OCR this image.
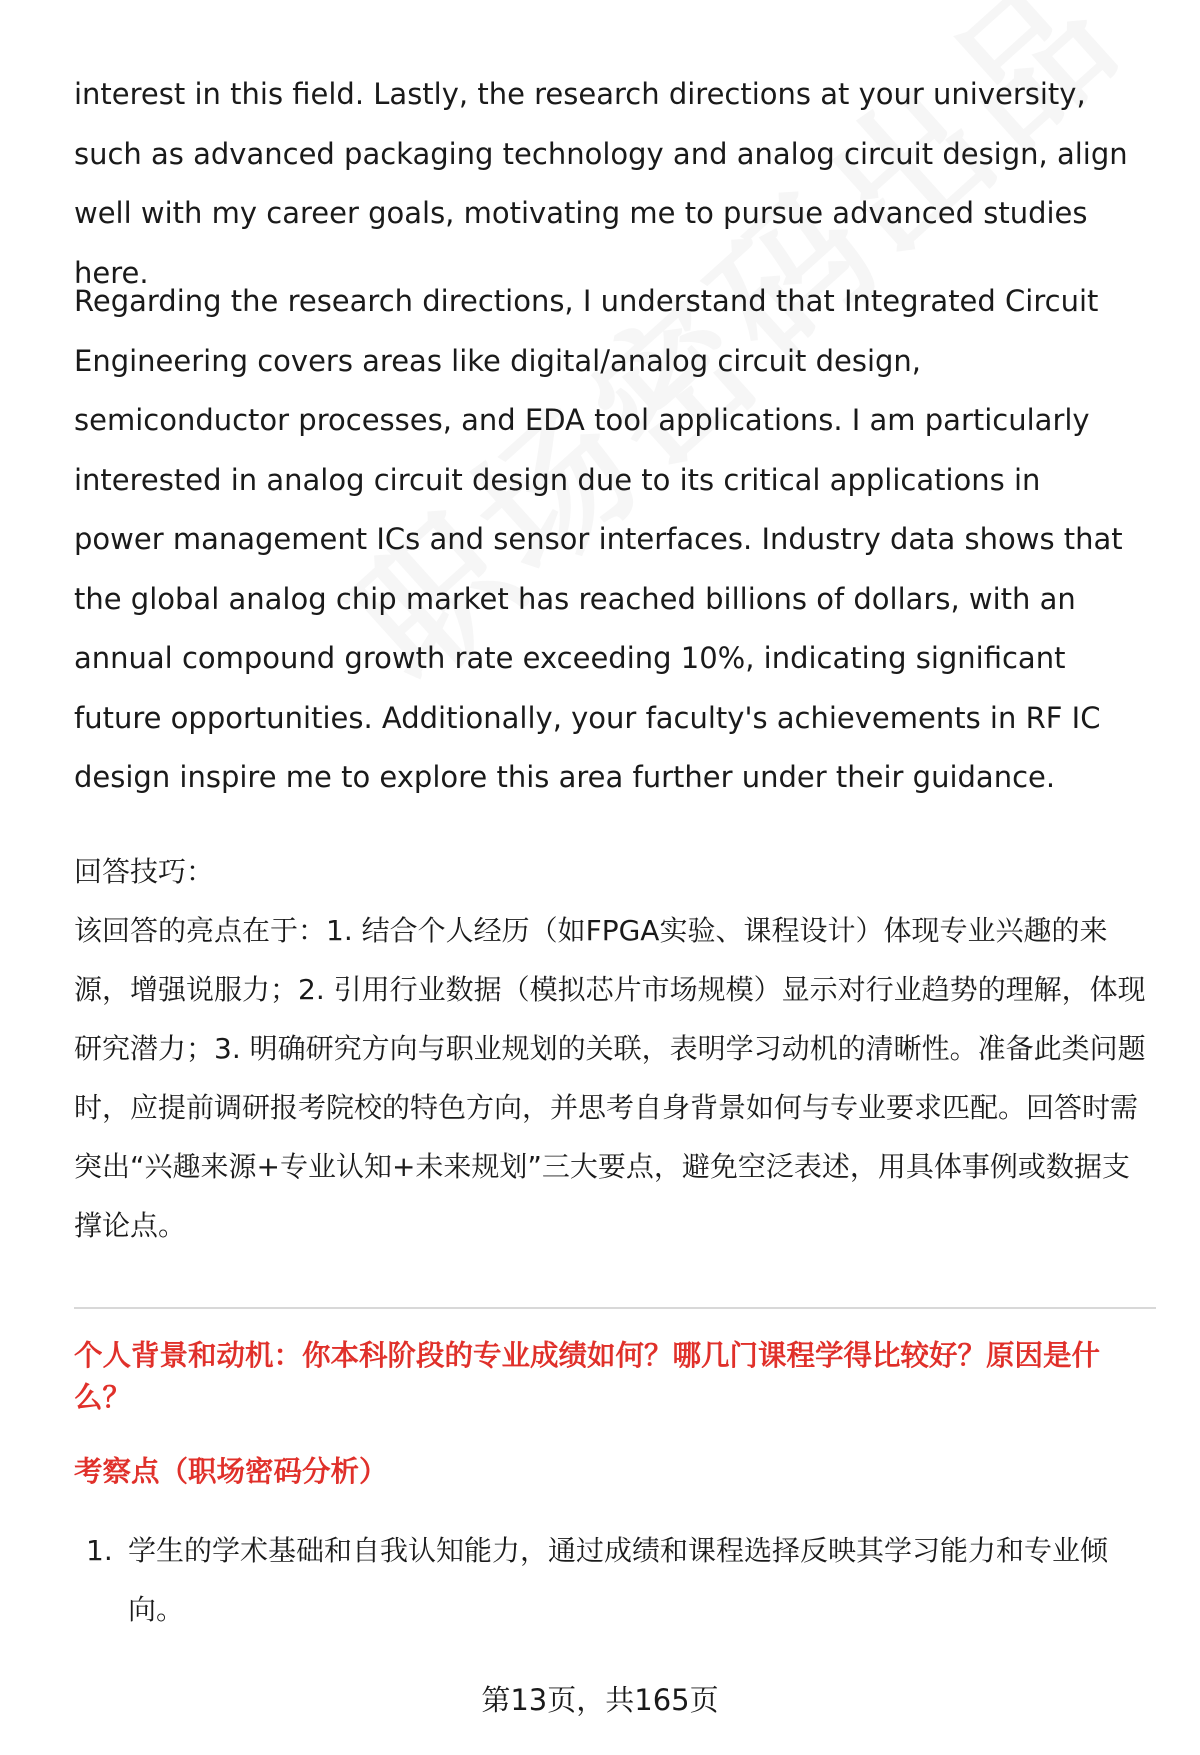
interest in this field. Lastly, the research directions at your university, such as advanced packaging technology and analog circuit design, align well with my career goals, motivating me to pursue advanced studies here.

Regarding the research directions, I understand that Integrated Circuit Engineering covers areas like digital/analog circuit design, semiconductor processes, and EDA tool applications. I am particularly interested in analog circuit design due to its critical applications in power management ICs and sensor interfaces. Industry data shows that the global analog chip market has reached billions of dollars, with an annual compound growth rate exceeding 10%, indicating significant future opportunities. Additionally, your faculty's achievements in RF IC design inspire me to explore this area further under their guidance.

回答技巧：

该回答的亮点在于：1. 结合个人经历（如FPGA实验、课程设计）体现专业兴趣的来源，增强说服力；2. 引用行业数据（模拟芯片市场规模）显示对行业趋势的理解，体现研究潜力；3. 明确研究方向与职业规划的关联，表明学习动机的清晰性。准备此类问题时，应提前调研报考院校的特色方向，并思考自身背景如何与专业要求匹配。回答时需突出“兴趣来源+专业认知+未来规划”三大要点，避免空泛表述，用具体事例或数据支撑论点。

个人背景和动机：你本科阶段的专业成绩如何？哪几门课程学得比较好？原因是什么？

考察点（职场密码分析）

1. 学生的学术基础和自我认知能力，通过成绩和课程选择反映其学习能力和专业倾向。
第13页，共165页
